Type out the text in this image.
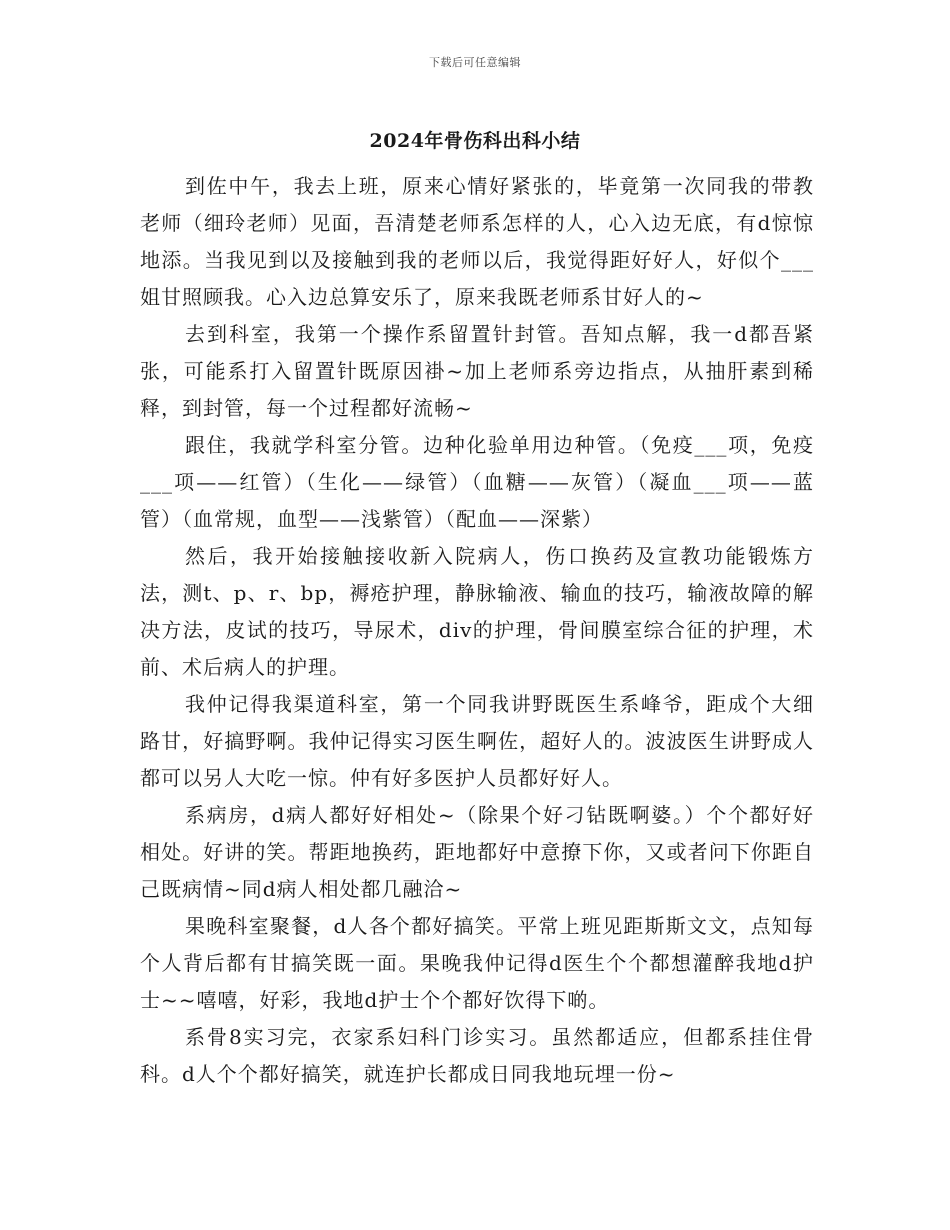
下载后可任意编辑
2024年骨伤科出科小结

到佐中午，我去上班，原来心情好紧张的，毕竟第一次同我的带教老师（细玲老师）见面，吾清楚老师系怎样的人，心入边无底，有d惊惊地添。当我见到以及接触到我的老师以后，我觉得距好好人，好似个___姐甘照顾我。心入边总算安乐了，原来我既老师系甘好人的~

去到科室，我第一个操作系留置针封管。吾知点解，我一d都吾紧张，可能系打入留置针既原因褂~加上老师系旁边指点，从抽肝素到稀释，到封管，每一个过程都好流畅~

跟住，我就学科室分管。边种化验单用边种管。（免疫___项，免疫___项——红管）（生化——绿管）（血糖——灰管）（凝血___项——蓝管）（血常规，血型——浅紫管）（配血——深紫）

然后，我开始接触接收新入院病人，伤口换药及宣教功能锻炼方法，测t、p、r、bp，褥疮护理，静脉输液、输血的技巧，输液故障的解决方法，皮试的技巧，导尿术，div的护理，骨间膜室综合征的护理，术前、术后病人的护理。

我仲记得我渠道科室，第一个同我讲野既医生系峰爷，距成个大细路甘，好搞野啊。我仲记得实习医生啊佐，超好人的。波波医生讲野成人都可以另人大吃一惊。仲有好多医护人员都好好人。

系病房，d病人都好好相处~（除果个好刁钻既啊婆。）个个都好好相处。好讲的笑。帮距地换药，距地都好中意撩下你，又或者问下你距自己既病情~同d病人相处都几融洽~

果晚科室聚餐，d人各个都好搞笑。平常上班见距斯斯文文，点知每个人背后都有甘搞笑既一面。果晚我仲记得d医生个个都想灌醉我地d护士~~嘻嘻，好彩，我地d护士个个都好饮得下啲。

系骨8实习完，衣家系妇科门诊实习。虽然都适应，但都系挂住骨科。d人个个都好搞笑，就连护长都成日同我地玩埋一份~
